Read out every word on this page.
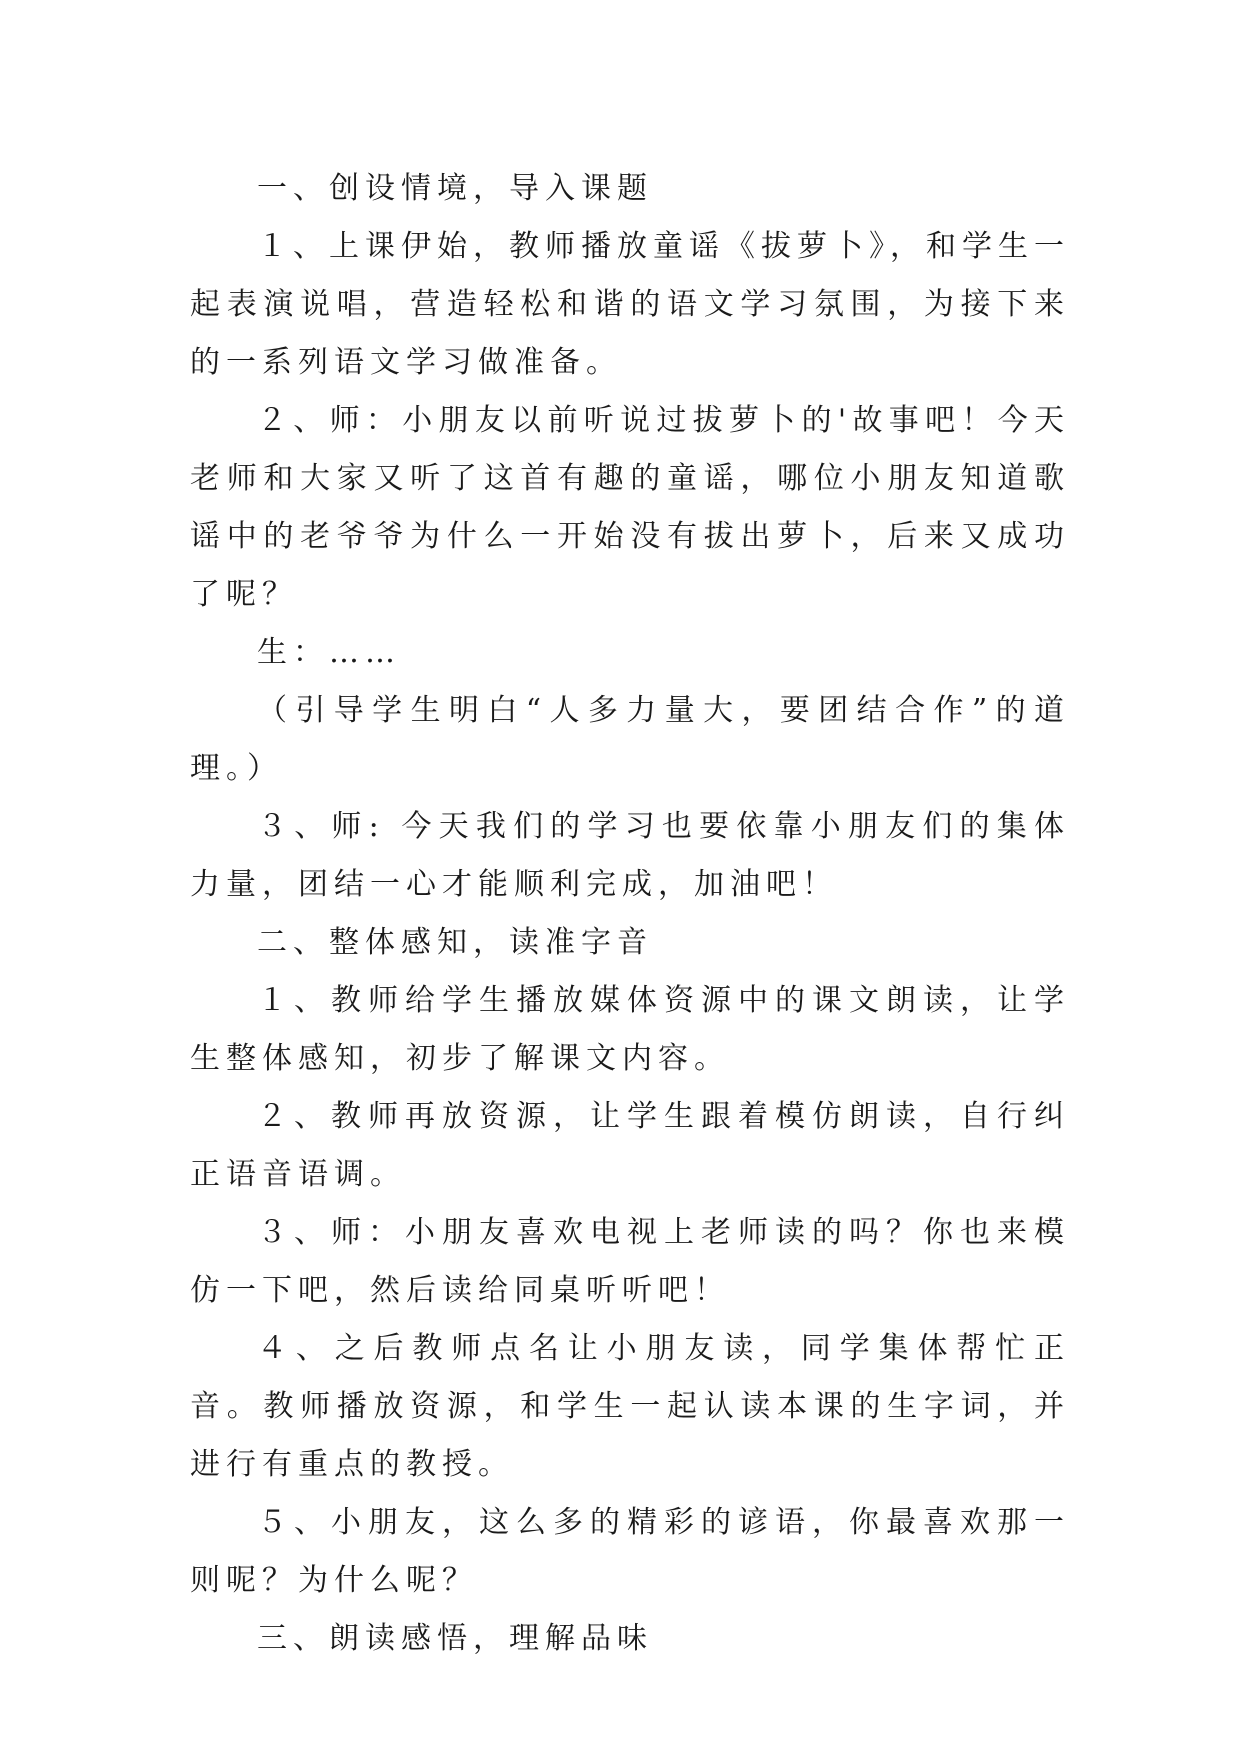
一、创设情境，导入课题

１、上课伊始，教师播放童谣《拔萝卜》，和学生一起表演说唱，营造轻松和谐的语文学习氛围，为接下来的一系列语文学习做准备。

２、师：小朋友以前听说过拔萝卜的'故事吧！今天老师和大家又听了这首有趣的童谣，哪位小朋友知道歌谣中的老爷爷为什么一开始没有拔出萝卜，后来又成功了呢？

生：……

（引导学生明白“人多力量大，要团结合作”的道理。）

３、师: 今天我们的学习也要依靠小朋友们的集体力量，团结一心才能顺利完成，加油吧！

二、整体感知，读准字音

１、教师给学生播放媒体资源中的课文朗读，让学生整体感知，初步了解课文内容。

２、教师再放资源，让学生跟着模仿朗读，自行纠正语音语调。

３、师：小朋友喜欢电视上老师读的吗？你也来模仿一下吧，然后读给同桌听听吧！

４、之后教师点名让小朋友读，同学集体帮忙正音。教师播放资源，和学生一起认读本课的生字词，并进行有重点的教授。

５、小朋友，这么多的精彩的谚语，你最喜欢那一则呢？为什么呢？

三、朗读感悟，理解品味
